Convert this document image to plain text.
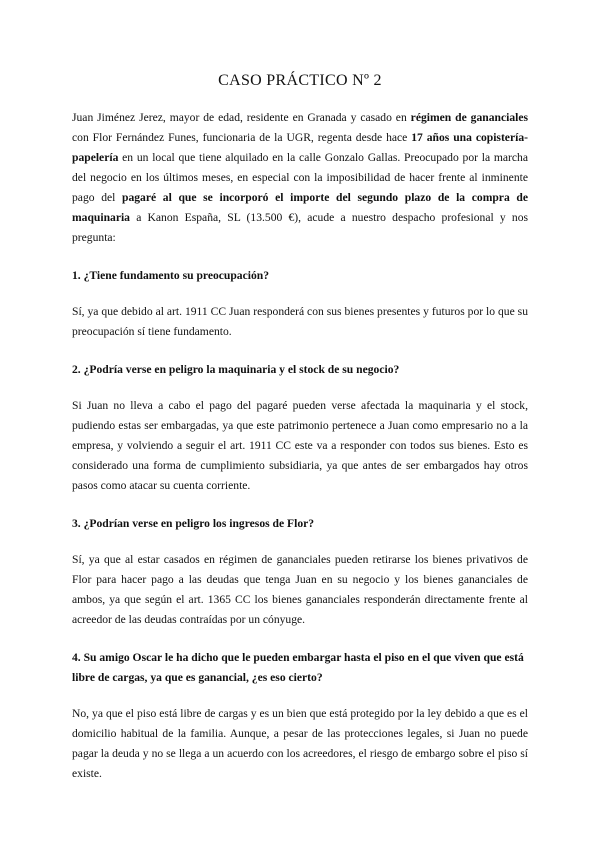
CASO PRÁCTICO Nº 2

Juan Jiménez Jerez, mayor de edad, residente en Granada y casado en régimen de gananciales con Flor Fernández Funes, funcionaria de la UGR, regenta desde hace 17 años una copistería-papelería en un local que tiene alquilado en la calle Gonzalo Gallas. Preocupado por la marcha del negocio en los últimos meses, en especial con la imposibilidad de hacer frente al inminente pago del pagaré al que se incorporó el importe del segundo plazo de la compra de maquinaria a Kanon España, SL (13.500 €), acude a nuestro despacho profesional y nos pregunta:

1. ¿Tiene fundamento su preocupación?

Sí, ya que debido al art. 1911 CC Juan responderá con sus bienes presentes y futuros por lo que su preocupación sí tiene fundamento.

2. ¿Podría verse en peligro la maquinaria y el stock de su negocio?

Si Juan no lleva a cabo el pago del pagaré pueden verse afectada la maquinaria y el stock, pudiendo estas ser embargadas, ya que este patrimonio pertenece a Juan como empresario no a la empresa, y volviendo a seguir el art. 1911 CC este va a responder con todos sus bienes. Esto es considerado una forma de cumplimiento subsidiaria, ya que antes de ser embargados hay otros pasos como atacar su cuenta corriente.

3. ¿Podrían verse en peligro los ingresos de Flor?

Sí, ya que al estar casados en régimen de gananciales pueden retirarse los bienes privativos de Flor para hacer pago a las deudas que tenga Juan en su negocio y los bienes gananciales de ambos, ya que según el art. 1365 CC los bienes gananciales responderán directamente frente al acreedor de las deudas contraídas por un cónyuge.

4. Su amigo Oscar le ha dicho que le pueden embargar hasta el piso en el que viven que está libre de cargas, ya que es ganancial, ¿es eso cierto?

No, ya que el piso está libre de cargas y es un bien que está protegido por la ley debido a que es el domicilio habitual de la familia. Aunque, a pesar de las protecciones legales, si Juan no puede pagar la deuda y no se llega a un acuerdo con los acreedores, el riesgo de embargo sobre el piso sí existe.
